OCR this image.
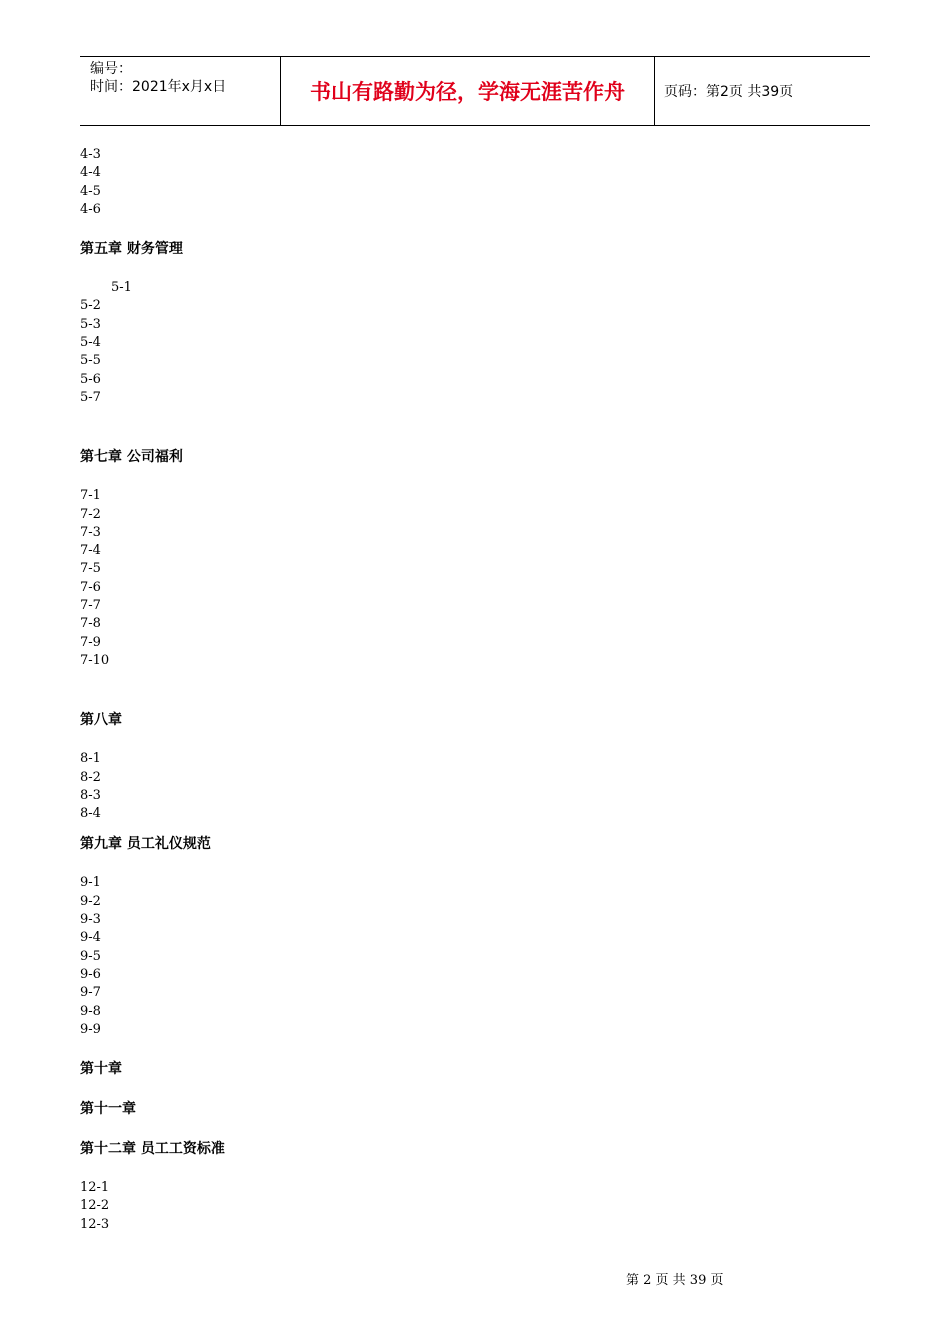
编号：
时间：2021年x月x日	书山有路勤为径，学海无涯苦作舟	页码：第2页 共39页
4-3
4-4
4-5
4-6
第五章 财务管理
5-1
5-2
5-3
5-4
5-5
5-6
5-7
第七章 公司福利
7-1
7-2
7-3
7-4
7-5
7-6
7-7
7-8
7-9
7-10
第八章
8-1
8-2
8-3
8-4
第九章 员工礼仪规范
9-1
9-2
9-3
9-4
9-5
9-6
9-7
9-8
9-9
第十章
第十一章
第十二章 员工工资标准
12-1
12-2
12-3
第 2 页 共 39 页
